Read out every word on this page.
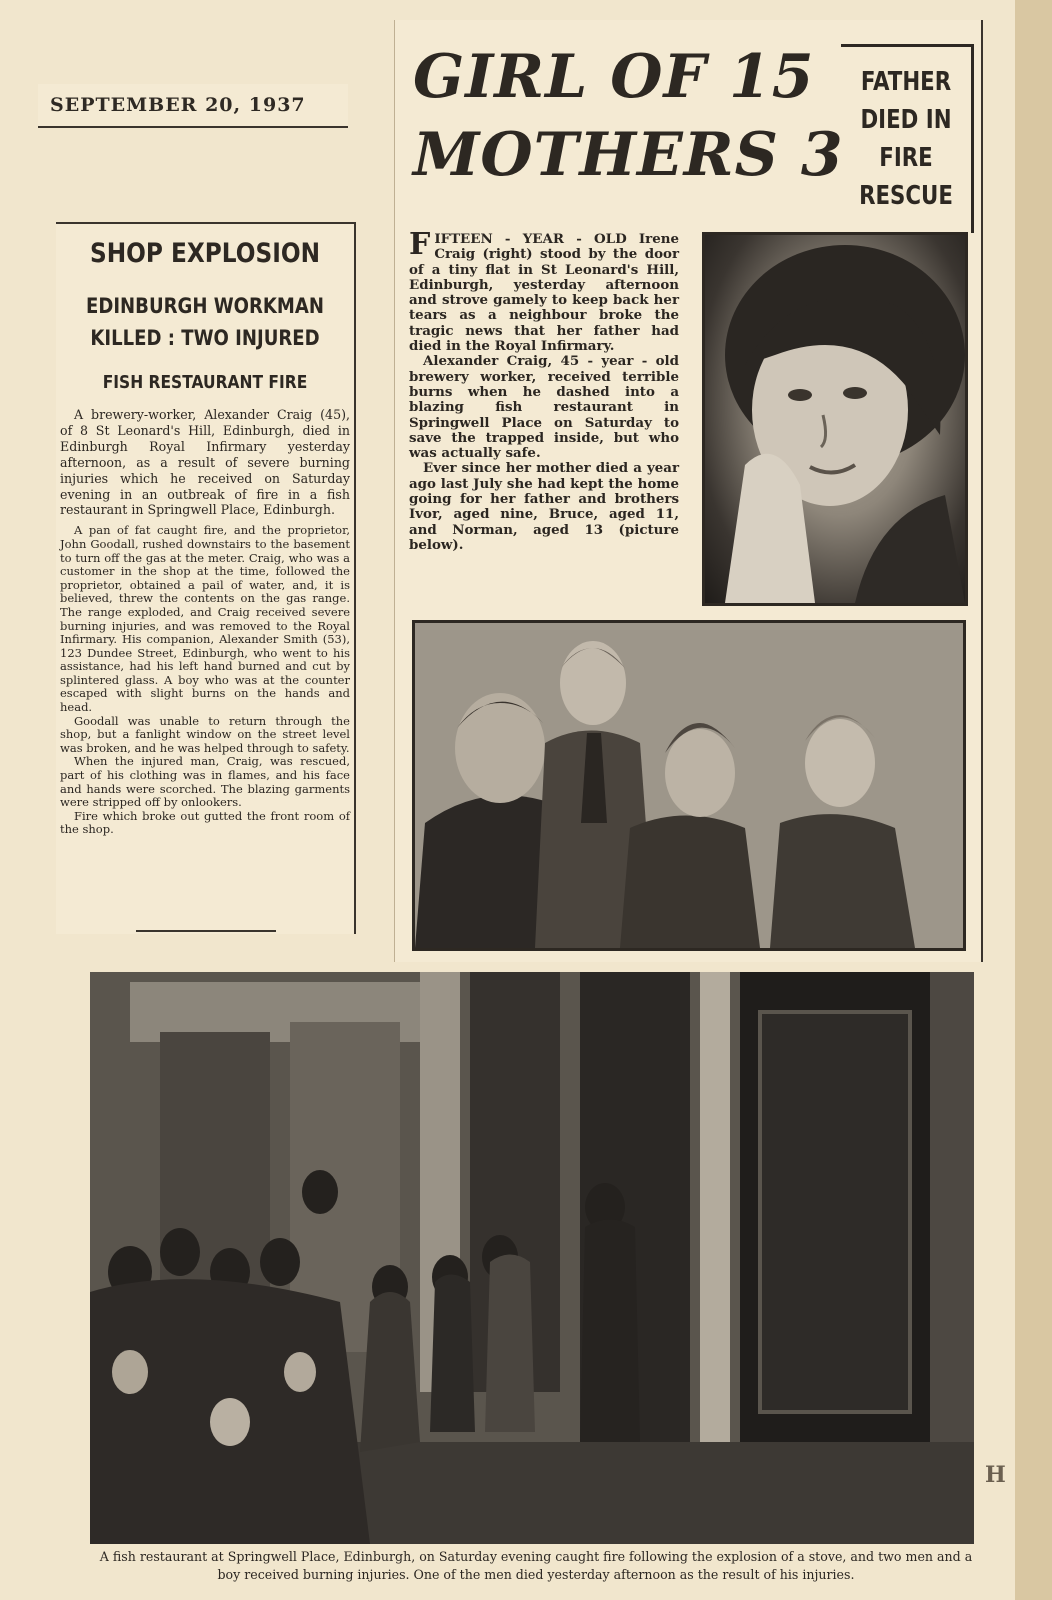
H
SEPTEMBER 20, 1937
SHOP EXPLOSION
EDINBURGH WORKMAN
KILLED : TWO INJURED
FISH RESTAURANT FIRE

A brewery-worker, Alexander Craig (45), of 8 St Leonard's Hill, Edinburgh, died in Edinburgh Royal Infirmary yesterday afternoon, as a result of severe burning injuries which he received on Saturday evening in an outbreak of fire in a fish restaurant in Springwell Place, Edinburgh.

A pan of fat caught fire, and the proprietor, John Goodall, rushed downstairs to the basement to turn off the gas at the meter. Craig, who was a customer in the shop at the time, followed the proprietor, obtained a pail of water, and, it is believed, threw the contents on the gas range. The range exploded, and Craig received severe burning injuries, and was removed to the Royal Infirmary. His companion, Alexander Smith (53), 123 Dundee Street, Edinburgh, who went to his assistance, had his left hand burned and cut by splintered glass. A boy who was at the counter escaped with slight burns on the hands and head.

Goodall was unable to return through the shop, but a fanlight window on the street level was broken, and he was helped through to safety.

When the injured man, Craig, was rescued, part of his clothing was in flames, and his face and hands were scorched. The blazing garments were stripped off by onlookers.

Fire which broke out gutted the front room of the shop.

GIRL OF 15
MOTHERS 3
FATHER
DIED IN
FIRE
RESCUE

FIFTEEN - YEAR - OLD Irene Craig (right) stood by the door of a tiny flat in St Leonard's Hill, Edinburgh, yesterday afternoon and strove gamely to keep back her tears as a neighbour broke the tragic news that her father had died in the Royal Infirmary.

Alexander Craig, 45 - year - old brewery worker, received terrible burns when he dashed into a blazing fish restaurant in Springwell Place on Saturday to save the trapped inside, but who was actually safe.

Ever since her mother died a year ago last July she had kept the home going for her father and brothers Ivor, aged nine, Bruce, aged 11, and Norman, aged 13 (picture below).

A fish restaurant at Springwell Place, Edinburgh, on Saturday evening caught fire following the explosion of a stove, and two men and a boy received burning injuries. One of the men died yesterday afternoon as the result of his injuries.
